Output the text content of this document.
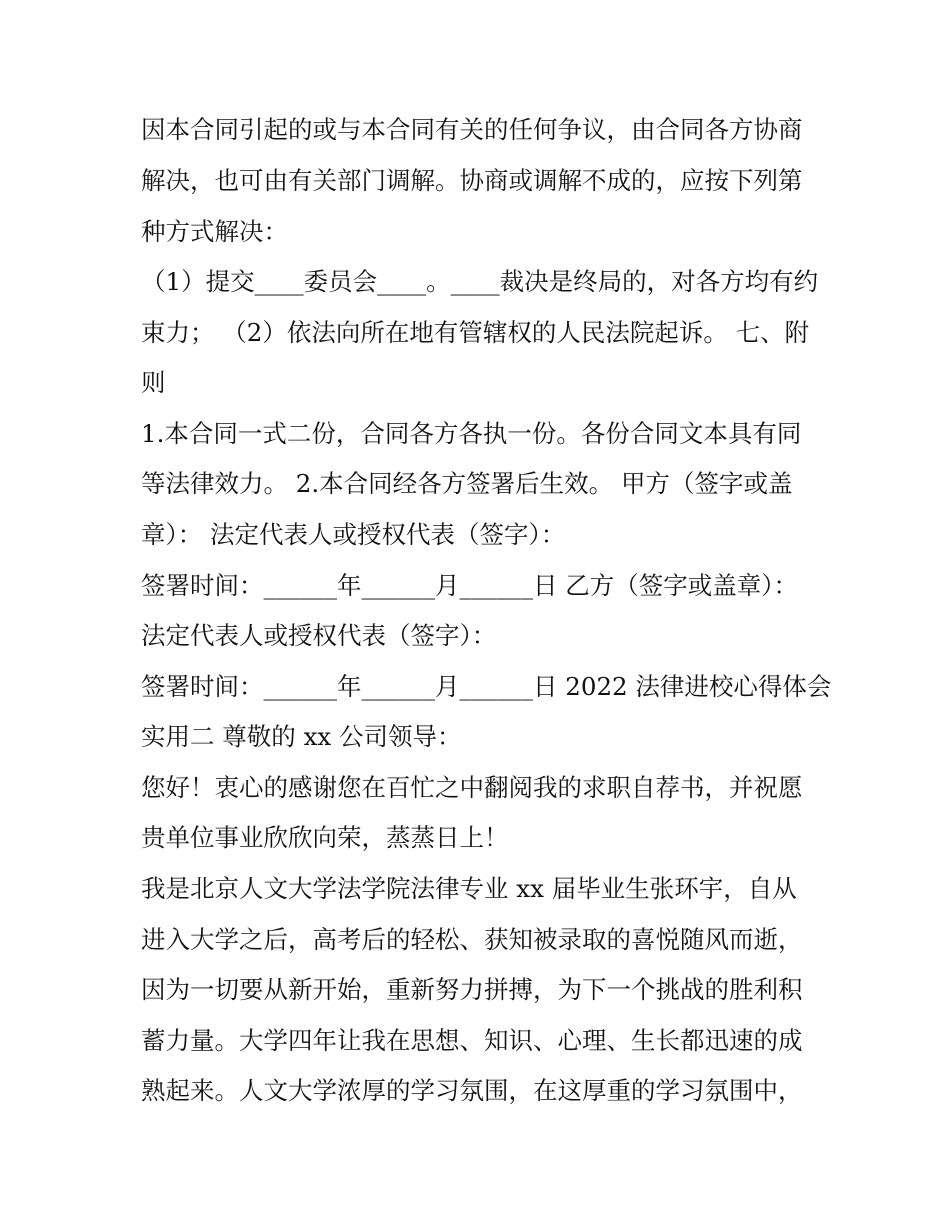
因本合同引起的或与本合同有关的任何争议，由合同各方协商
解决，也可由有关部门调解。协商或调解不成的，应按下列第
种方式解决：
（1）提交____委员会____。____裁决是终局的，对各方均有约
束力； （2）依法向所在地有管辖权的人民法院起诉。 七、附
则
1.本合同一式二份，合同各方各执一份。各份合同文本具有同
等法律效力。 2.本合同经各方签署后生效。 甲方（签字或盖
章）： 法定代表人或授权代表（签字）：
签署时间：______年______月______日 乙方（签字或盖章）：
法定代表人或授权代表（签字）：
签署时间：______年______月______日 2022 法律进校心得体会
实用二 尊敬的 xx 公司领导：
您好！衷心的感谢您在百忙之中翻阅我的求职自荐书，并祝愿
贵单位事业欣欣向荣，蒸蒸日上！
我是北京人文大学法学院法律专业 xx 届毕业生张环宇，自从
进入大学之后，高考后的轻松、获知被录取的喜悦随风而逝，
因为一切要从新开始，重新努力拼搏，为下一个挑战的胜利积
蓄力量。大学四年让我在思想、知识、心理、生长都迅速的成
熟起来。人文大学浓厚的学习氛围，在这厚重的学习氛围中，
